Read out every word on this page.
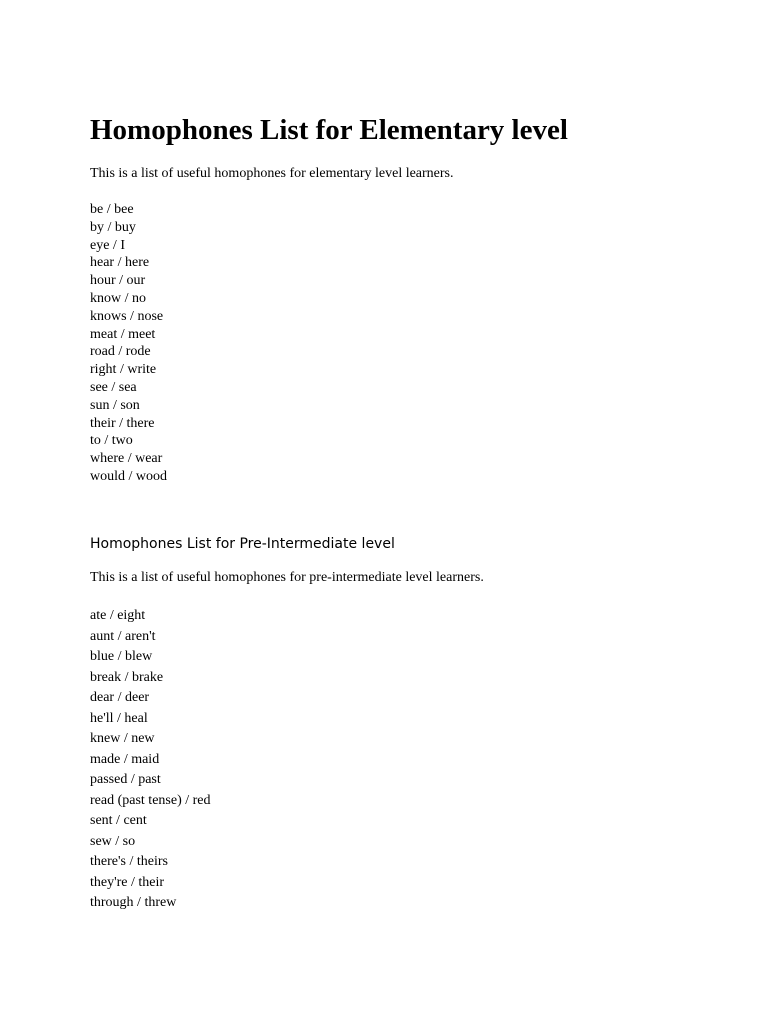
Homophones List for Elementary level

This is a list of useful homophones for elementary level learners.

be / bee
by / buy
eye / I
hear / here
hour / our
know / no
knows / nose
meat / meet
road / rode
right / write
see / sea
sun / son
their / there
to / two
where / wear
would / wood
Homophones List for Pre-Intermediate level

This is a list of useful homophones for pre-intermediate level learners.

ate / eight
aunt / aren't
blue / blew
break / brake
dear / deer
he'll / heal
knew / new
made / maid
passed / past
read (past tense) / red
sent / cent
sew / so
there's / theirs
they're / their
through / threw
